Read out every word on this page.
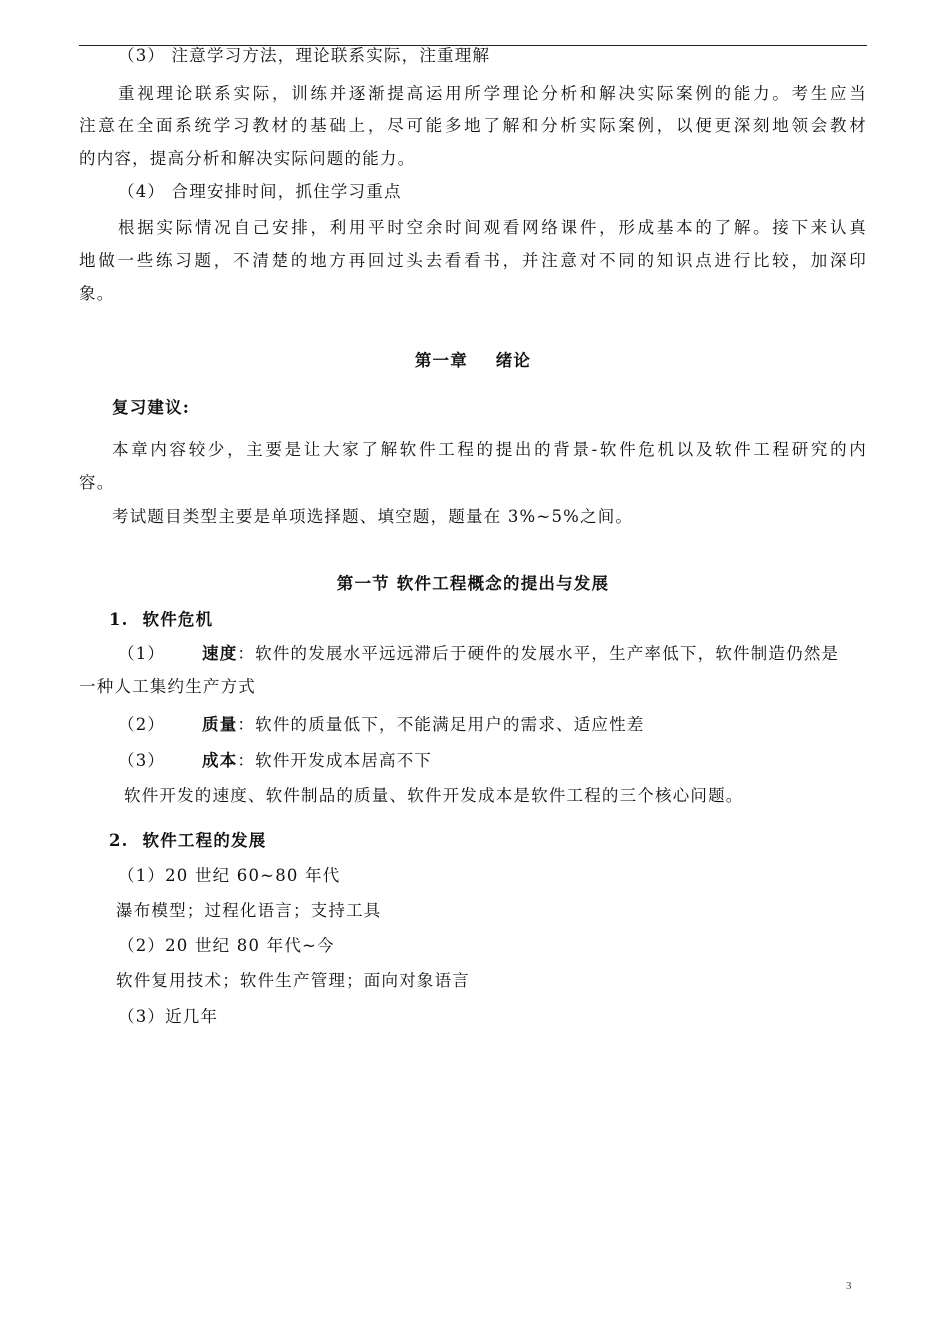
（3） 注意学习方法，理论联系实际，注重理解
重视理论联系实际，训练并逐渐提高运用所学理论分析和解决实际案例的能力。考生应当
注意在全面系统学习教材的基础上，尽可能多地了解和分析实际案例，以便更深刻地领会教材
的内容，提高分析和解决实际问题的能力。
（4） 合理安排时间，抓住学习重点
根据实际情况自己安排，利用平时空余时间观看网络课件，形成基本的了解。接下来认真
地做一些练习题，不清楚的地方再回过头去看看书，并注意对不同的知识点进行比较，加深印
象。
第一章    绪论
复习建议:
本章内容较少，主要是让大家了解软件工程的提出的背景-软件危机以及软件工程研究的内
容。
考试题目类型主要是单项选择题、填空题，题量在 3%~5%之间。
第一节 软件工程概念的提出与发展
1.  软件危机
（1） 速度：软件的发展水平远远滞后于硬件的发展水平，生产率低下，软件制造仍然是
一种人工集约生产方式
（2） 质量：软件的质量低下，不能满足用户的需求、适应性差
（3） 成本：软件开发成本居高不下
软件开发的速度、软件制品的质量、软件开发成本是软件工程的三个核心问题。
2.  软件工程的发展
（1）20 世纪 60~80 年代
瀑布模型；过程化语言；支持工具
（2）20 世纪 80 年代~今
软件复用技术；软件生产管理；面向对象语言
（3）近几年
3
